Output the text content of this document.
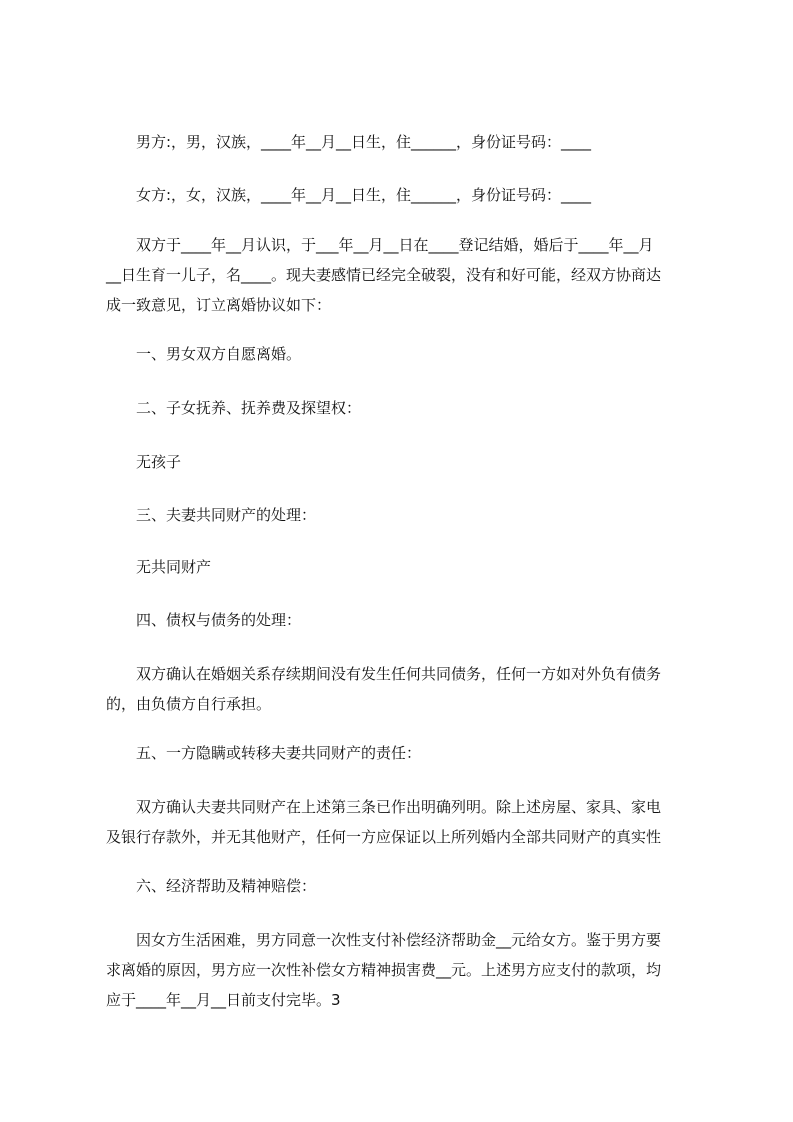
男方:，男，汉族，____年__月__日生，住______，身份证号码：____
女方:，女，汉族，____年__月__日生，住______，身份证号码：____
双方于____年__月认识，于___年__月__日在____登记结婚，婚后于____年__月
__日生育一儿子，名____。现夫妻感情已经完全破裂，没有和好可能，经双方协商达
成一致意见，订立离婚协议如下：
一、男女双方自愿离婚。
二、子女抚养、抚养费及探望权：
无孩子
三、夫妻共同财产的处理：
无共同财产
四、债权与债务的处理：
双方确认在婚姻关系存续期间没有发生任何共同债务，任何一方如对外负有债务
的，由负债方自行承担。
五、一方隐瞒或转移夫妻共同财产的责任：
双方确认夫妻共同财产在上述第三条已作出明确列明。除上述房屋、家具、家电
及银行存款外，并无其他财产，任何一方应保证以上所列婚内全部共同财产的真实性
六、经济帮助及精神赔偿：
因女方生活困难，男方同意一次性支付补偿经济帮助金__元给女方。鉴于男方要
求离婚的原因，男方应一次性补偿女方精神损害费__元。上述男方应支付的款项，均
应于____年__月__日前支付完毕。3
